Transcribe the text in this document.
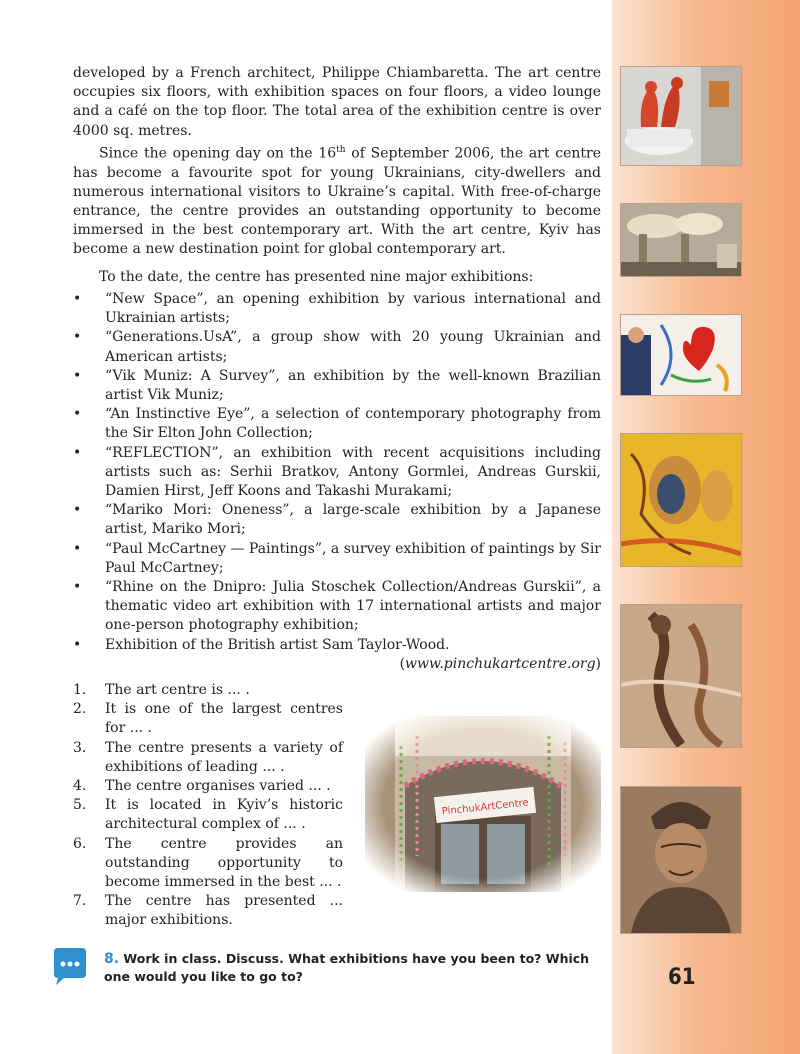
developed by a French architect, Philippe Chiambaretta. The art centre occupies six floors, with exhibition spaces on four floors, a video lounge and a café on the top floor. The total area of the exhibition centre is over 4000 sq. metres.

Since the opening day on the 16th of September 2006, the art centre has become a favourite spot for young Ukrainians, city-dwellers and numerous international visitors to Ukraine’s capital. With free-of-charge entrance, the centre provides an outstanding opportunity to become immersed in the best contemporary art. With the art centre, Kyiv has become a new destination point for global contemporary art.

To the date, the centre has presented nine major exhibitions:

• “New Space”, an opening exhibition by various international and Ukrainian artists;
• “Generations.UsA”, a group show with 20 young Ukrainian and American artists;
• “Vik Muniz: A Survey”, an exhibition by the well-known Brazilian artist Vik Muniz;
• “An Instinctive Eye”, a selection of contemporary photography from the Sir Elton John Collection;
• “REFLECTION”, an exhibition with recent acquisitions including artists such as: Serhii Bratkov, Antony Gormlei, Andreas Gurskii, Damien Hirst, Jeff Koons and Takashi Murakami;
• “Mariko Mori: Oneness”, a large-scale exhibition by a Japanese artist, Mariko Mori;
• “Paul McCartney — Paintings”, a survey exhibition of paintings by Sir Paul McCartney;
• “Rhine on the Dnipro: Julia Stoschek Collection/Andreas Gurskii”, a thematic video art exhibition with 17 international artists and major one-person photography exhibition;
• Exhibition of the British artist Sam Taylor-Wood.
(www.pinchukartcentre.org)
1. The art centre is ... .
2. It is one of the largest centres for ... .
3. The centre presents a variety of exhibitions of leading ... .
4. The centre organises varied ... .
5. It is located in Kyiv’s historic architectural complex of ... .
6. The centre provides an outstanding opportunity to become immersed in the best ... .
7. The centre has presented ... major exhibitions.
8. Work in class. Discuss. What exhibitions have you been to? Which one would you like to go to?	61
